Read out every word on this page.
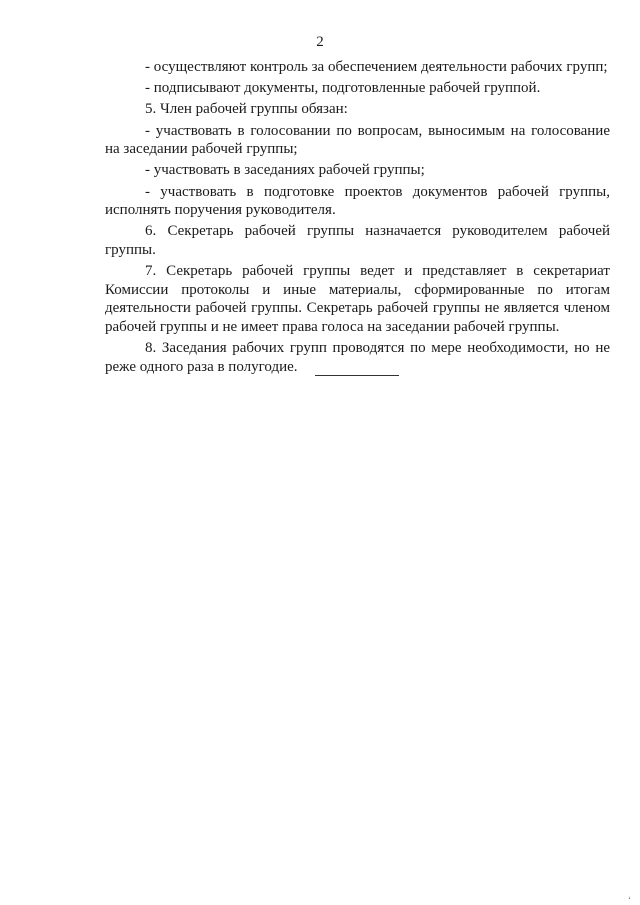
2

- осуществляют контроль за обеспечением деятельности рабочих групп;

- подписывают документы, подготовленные рабочей группой.

5. Член рабочей группы обязан:

- участвовать в голосовании по вопросам, выносимым на голосование на заседании рабочей группы;

- участвовать в заседаниях рабочей группы;

- участвовать в подготовке проектов документов рабочей группы, исполнять поручения руководителя.

6. Секретарь рабочей группы назначается руководителем рабочей группы.

7. Секретарь рабочей группы ведет и представляет в секретариат Комиссии протоколы и иные материалы, сформированные по итогам деятельности рабочей группы. Секретарь рабочей группы не является членом рабочей группы и не имеет права голоса на заседании рабочей группы.

8. Заседания рабочих групп проводятся по мере необходимости, но не реже одного раза в полугодие.

‘
